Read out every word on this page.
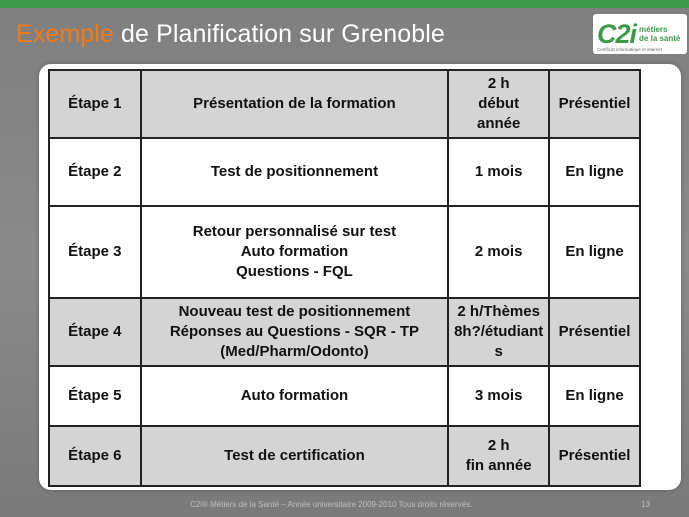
Exemple de Planification sur Grenoble	C2i métiers
de la santé
Certificat informatique et internet
Étape 1	Présentation de la formation	2 h
début
année	Présentiel
Étape 2	Test de positionnement	1 mois	En ligne
Étape 3	Retour personnalisé sur test
Auto formation
Questions - FQL	2 mois	En ligne
Étape 4	Nouveau test de positionnement
Réponses au Questions - SQR - TP
(Med/Pharm/Odonto)	2 h/Thèmes
8h?/étudiant
s	Présentiel
Étape 5	Auto formation	3 mois	En ligne
Étape 6	Test de certification	2 h
fin année	Présentiel
C2i® Métiers de la Santé – Année universitaire 2009-2010 Tous droits réservés.	13
